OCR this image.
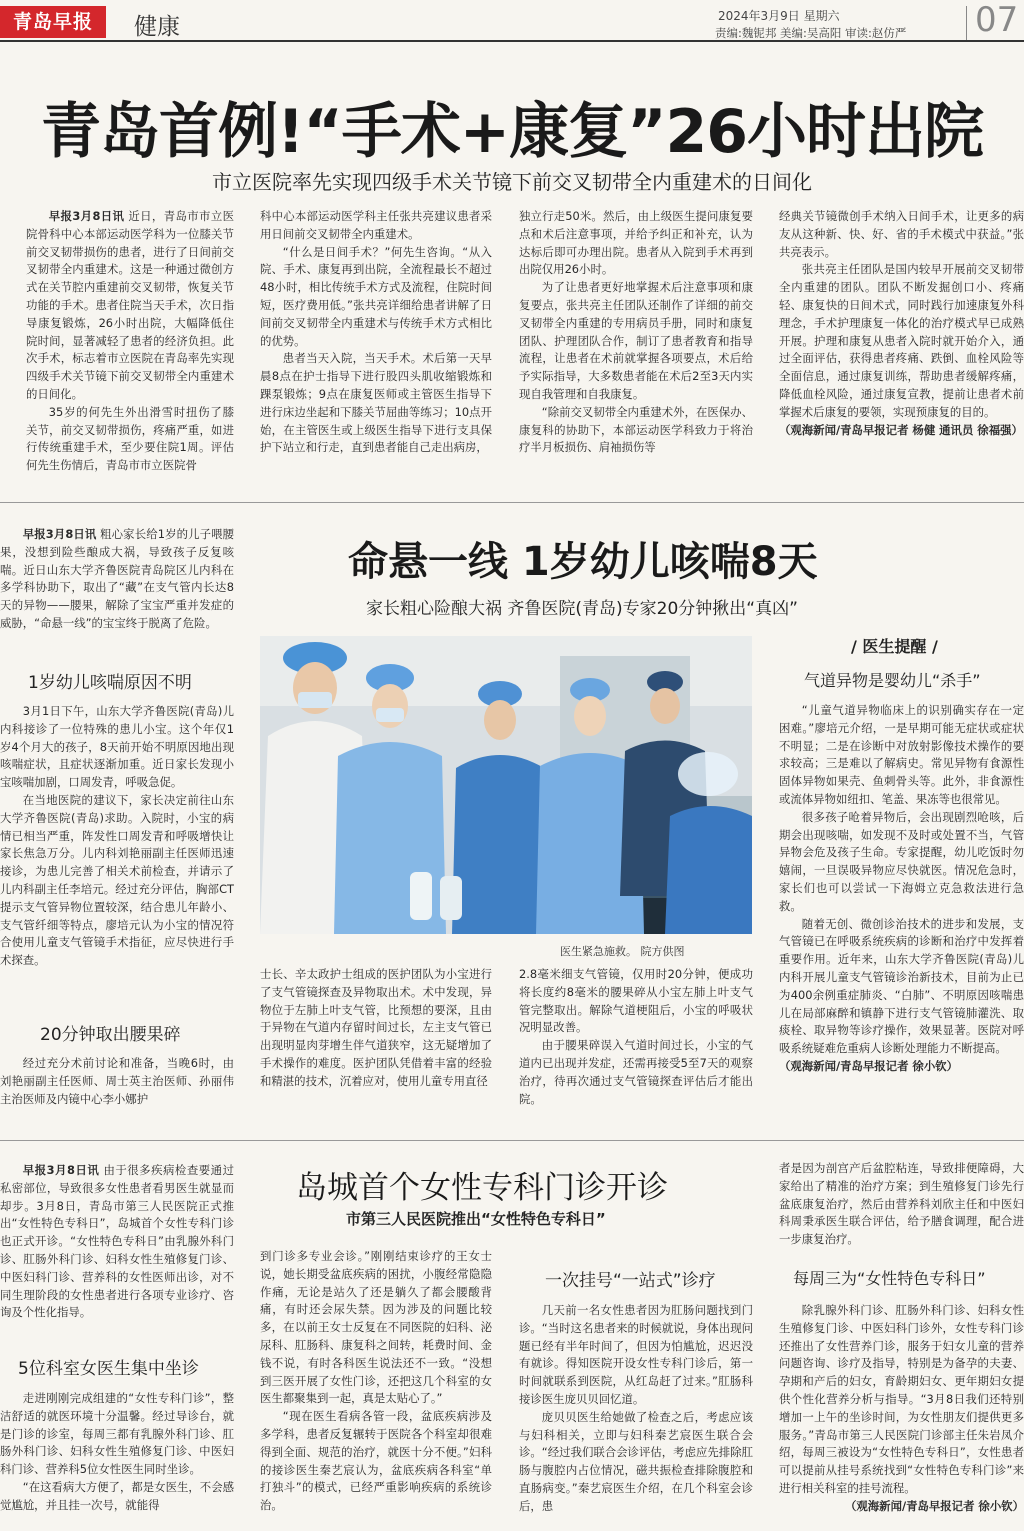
青岛早报	健康	2024年3月9日 星期六
责编:魏铌邦 美编:吴高阳 审读:赵仿严 07
青岛首例!“手术+康复”26小时出院
市立医院率先实现四级手术关节镜下前交叉韧带全内重建术的日间化

早报3月8日讯 近日，青岛市市立医院骨科中心本部运动医学科为一位膝关节前交叉韧带损伤的患者，进行了日间前交叉韧带全内重建术。这是一种通过微创方式在关节腔内重建前交叉韧带，恢复关节功能的手术。患者住院当天手术，次日指导康复锻炼，26小时出院，大幅降低住院时间，显著减轻了患者的经济负担。此次手术，标志着市立医院在青岛率先实现四级手术关节镜下前交叉韧带全内重建术的日间化。

35岁的何先生外出滑雪时扭伤了膝关节，前交叉韧带损伤，疼痛严重，如进行传统重建手术，至少要住院1周。评估何先生伤情后，青岛市市立医院骨

科中心本部运动医学科主任张共亮建议患者采用日间前交叉韧带全内重建术。

“什么是日间手术？”何先生咨询。“从入院、手术、康复再到出院，全流程最长不超过48小时，相比传统手术方式及流程，住院时间短，医疗费用低。”张共亮详细给患者讲解了日间前交叉韧带全内重建术与传统手术方式相比的优势。

患者当天入院，当天手术。术后第一天早晨8点在护士指导下进行股四头肌收缩锻炼和踝泵锻炼；9点在康复医师或主管医生指导下进行床边坐起和下膝关节屈曲等练习；10点开始，在主管医生或上级医生指导下进行支具保护下站立和行走，直到患者能自己走出病房，

独立行走50米。然后，由上级医生提问康复要点和术后注意事项，并给予纠正和补充，认为达标后即可办理出院。患者从入院到手术再到出院仅用26小时。

为了让患者更好地掌握术后注意事项和康复要点，张共亮主任团队还制作了详细的前交叉韧带全内重建的专用病员手册，同时和康复团队、护理团队合作，制订了患者教育和指导流程，让患者在术前就掌握各项要点，术后给予实际指导，大多数患者能在术后2至3天内实现自我管理和自我康复。

“除前交叉韧带全内重建术外，在医保办、康复科的协助下，本部运动医学科致力于将治疗半月板损伤、肩袖损伤等

经典关节镜微创手术纳入日间手术，让更多的病友从这种新、快、好、省的手术模式中获益。”张共亮表示。

张共亮主任团队是国内较早开展前交叉韧带全内重建的团队。团队不断发掘创口小、疼痛轻、康复快的日间术式，同时践行加速康复外科理念，手术护理康复一体化的治疗模式早已成熟开展。护理和康复从患者入院时就开始介入，通过全面评估，获得患者疼痛、跌倒、血栓风险等全面信息，通过康复训练，帮助患者缓解疼痛，降低血栓风险，通过康复宣教，提前让患者术前掌握术后康复的要领，实现预康复的目的。

（观海新闻/青岛早报记者 杨健 通讯员 徐福强）

早报3月8日讯 粗心家长给1岁的儿子喂腰果，没想到险些酿成大祸，导致孩子反复咳喘。近日山东大学齐鲁医院青岛院区儿内科在多学科协助下，取出了“藏”在支气管内长达8天的异物——腰果，解除了宝宝严重并发症的威胁，“命悬一线”的宝宝终于脱离了危险。

1岁幼儿咳喘原因不明

3月1日下午，山东大学齐鲁医院(青岛)儿内科接诊了一位特殊的患儿小宝。这个年仅1岁4个月大的孩子，8天前开始不明原因地出现咳喘症状，且症状逐渐加重。近日家长发现小宝咳喘加剧，口周发青，呼吸急促。

在当地医院的建议下，家长决定前往山东大学齐鲁医院(青岛)求助。入院时，小宝的病情已相当严重，阵发性口周发青和呼吸增快让家长焦急万分。儿内科刘艳丽副主任医师迅速接诊，为患儿完善了相关术前检查，并请示了儿内科副主任李培元。经过充分评估，胸部CT提示支气管异物位置较深，结合患儿年龄小、支气管纤细等特点，廖培元认为小宝的情况符合使用儿童支气管镜手术指征，应尽快进行手术探查。

20分钟取出腰果碎

经过充分术前讨论和准备，当晚6时，由刘艳丽副主任医师、周士英主治医师、孙丽伟主治医师及内镜中心李小娜护

命悬一线 1岁幼儿咳喘8天
家长粗心险酿大祸 齐鲁医院(青岛)专家20分钟揪出“真凶”
医生紧急施救。 院方供图

士长、辛太政护士组成的医护团队为小宝进行了支气管镜探查及异物取出术。术中发现，异物位于左肺上叶支气管，比预想的要深，且由于异物在气道内存留时间过长，左主支气管已出现明显肉芽增生伴气道狭窄，这无疑增加了手术操作的难度。医护团队凭借着丰富的经验和精湛的技术，沉着应对，使用儿童专用直径

2.8毫米细支气管镜，仅用时20分钟，便成功将长度约8毫米的腰果碎从小宝左肺上叶支气管完整取出。解除气道梗阻后，小宝的呼吸状况明显改善。

由于腰果碎误入气道时间过长，小宝的气道内已出现并发症，还需再接受5至7天的观察治疗，待再次通过支气管镜探查评估后才能出院。

/ 医生提醒 /
气道异物是婴幼儿“杀手”

“儿童气道异物临床上的识别确实存在一定困难。”廖培元介绍，一是早期可能无症状或症状不明显；二是在诊断中对放射影像技术操作的要求较高；三是难以了解病史。常见异物有食源性固体异物如果壳、鱼刺骨头等。此外，非食源性或流体异物如纽扣、笔盖、果冻等也很常见。

很多孩子呛着异物后，会出现剧烈呛咳，后期会出现咳喘，如发现不及时或处置不当，气管异物会危及孩子生命。专家提醒，幼儿吃饭时勿嬉闹，一旦误吸异物应尽快就医。情况危急时，家长们也可以尝试一下海姆立克急救法进行急救。

随着无创、微创诊治技术的进步和发展，支气管镜已在呼吸系统疾病的诊断和治疗中发挥着重要作用。近年来，山东大学齐鲁医院(青岛)儿内科开展儿童支气管镜诊治新技术，目前为止已为400余例重症肺炎、“白肺”、不明原因咳喘患儿在局部麻醉和镇静下进行支气管镜肺灌洗、取痰栓、取异物等诊疗操作，效果显著。医院对呼吸系统疑难危重病人诊断处理能力不断提高。

（观海新闻/青岛早报记者 徐小钦）

早报3月8日讯 由于很多疾病检查要通过私密部位，导致很多女性患者看男医生就显而却步。3月8日，青岛市第三人民医院正式推出“女性特色专科日”，岛城首个女性专科门诊也正式开诊。“女性特色专科日”由乳腺外科门诊、肛肠外科门诊、妇科女性生殖修复门诊、中医妇科门诊、营养科的女性医师出诊，对不同生理阶段的女性患者进行各项专业诊疗、咨询及个性化指导。

5位科室女医生集中坐诊

走进刚刚完成组建的“女性专科门诊”，整洁舒适的就医环境十分温馨。经过导诊台，就是门诊的诊室，每周三都有乳腺外科门诊、肛肠外科门诊、妇科女性生殖修复门诊、中医妇科门诊、营养科5位女性医生同时坐诊。

“在这看病大方便了，都是女医生，不会感觉尴尬，并且挂一次号，就能得

岛城首个女性专科门诊开诊
市第三人民医院推出“女性特色专科日”

到门诊多专业会诊。”刚刚结束诊疗的王女士说，她长期受盆底疾病的困扰，小腹经常隐隐作痛，无论是站久了还是躺久了都会腰酸背痛，有时还会尿失禁。因为涉及的问题比较多，在以前王女士反复在不同医院的妇科、泌尿科、肛肠科、康复科之间转，耗费时间、金钱不说，有时各科医生说法还不一致。“没想到三医开展了女性门诊，还把这几个科室的女医生都聚集到一起，真是太贴心了。”

“现在医生看病各管一段，盆底疾病涉及多学科，患者反复辗转于医院各个科室却很难得到全面、规范的治疗，就医十分不便。”妇科的接诊医生秦艺宸认为，盆底疾病各科室“单打独斗”的模式，已经严重影响疾病的系统诊治。

一次挂号“一站式”诊疗

几天前一名女性患者因为肛肠问题找到门诊。“当时这名患者来的时候就说，身体出现问题已经有半年时间了，但因为怕尴尬，迟迟没有就诊。得知医院开设女性专科门诊后，第一时间就联系到医院，从红岛赶了过来。”肛肠科接诊医生庞贝贝回忆道。

庞贝贝医生给她做了检查之后，考虑应该与妇科相关，立即与妇科秦艺宸医生联合会诊。“经过我们联合会诊评估，考虑应先排除肛肠与腹腔内占位情况，磁共振检查排除腹腔和直肠病变。”秦艺宸医生介绍，在几个科室会诊后，患

者是因为剖宫产后盆腔粘连，导致排便障碍，大家给出了精准的治疗方案；到生殖修复门诊先行盆底康复治疗，然后由营养科刘欣主任和中医妇科周秉承医生联合评估，给予膳食调理，配合进一步康复治疗。

每周三为“女性特色专科日”

除乳腺外科门诊、肛肠外科门诊、妇科女性生殖修复门诊、中医妇科门诊外，女性专科门诊还推出了女性营养门诊，服务于妇女儿童的营养问题咨询、诊疗及指导，特别是为备孕的夫妻、孕期和产后的妇女，育龄期妇女、更年期妇女提供个性化营养分析与指导。“3月8日我们还特别增加一上午的坐诊时间，为女性朋友们提供更多服务。”青岛市第三人民医院门诊部主任朱岩凤介绍，每周三被设为“女性特色专科日”，女性患者可以提前从挂号系统找到“女性特色专科门诊”来进行相关科室的挂号流程。

（观海新闻/青岛早报记者 徐小钦）
